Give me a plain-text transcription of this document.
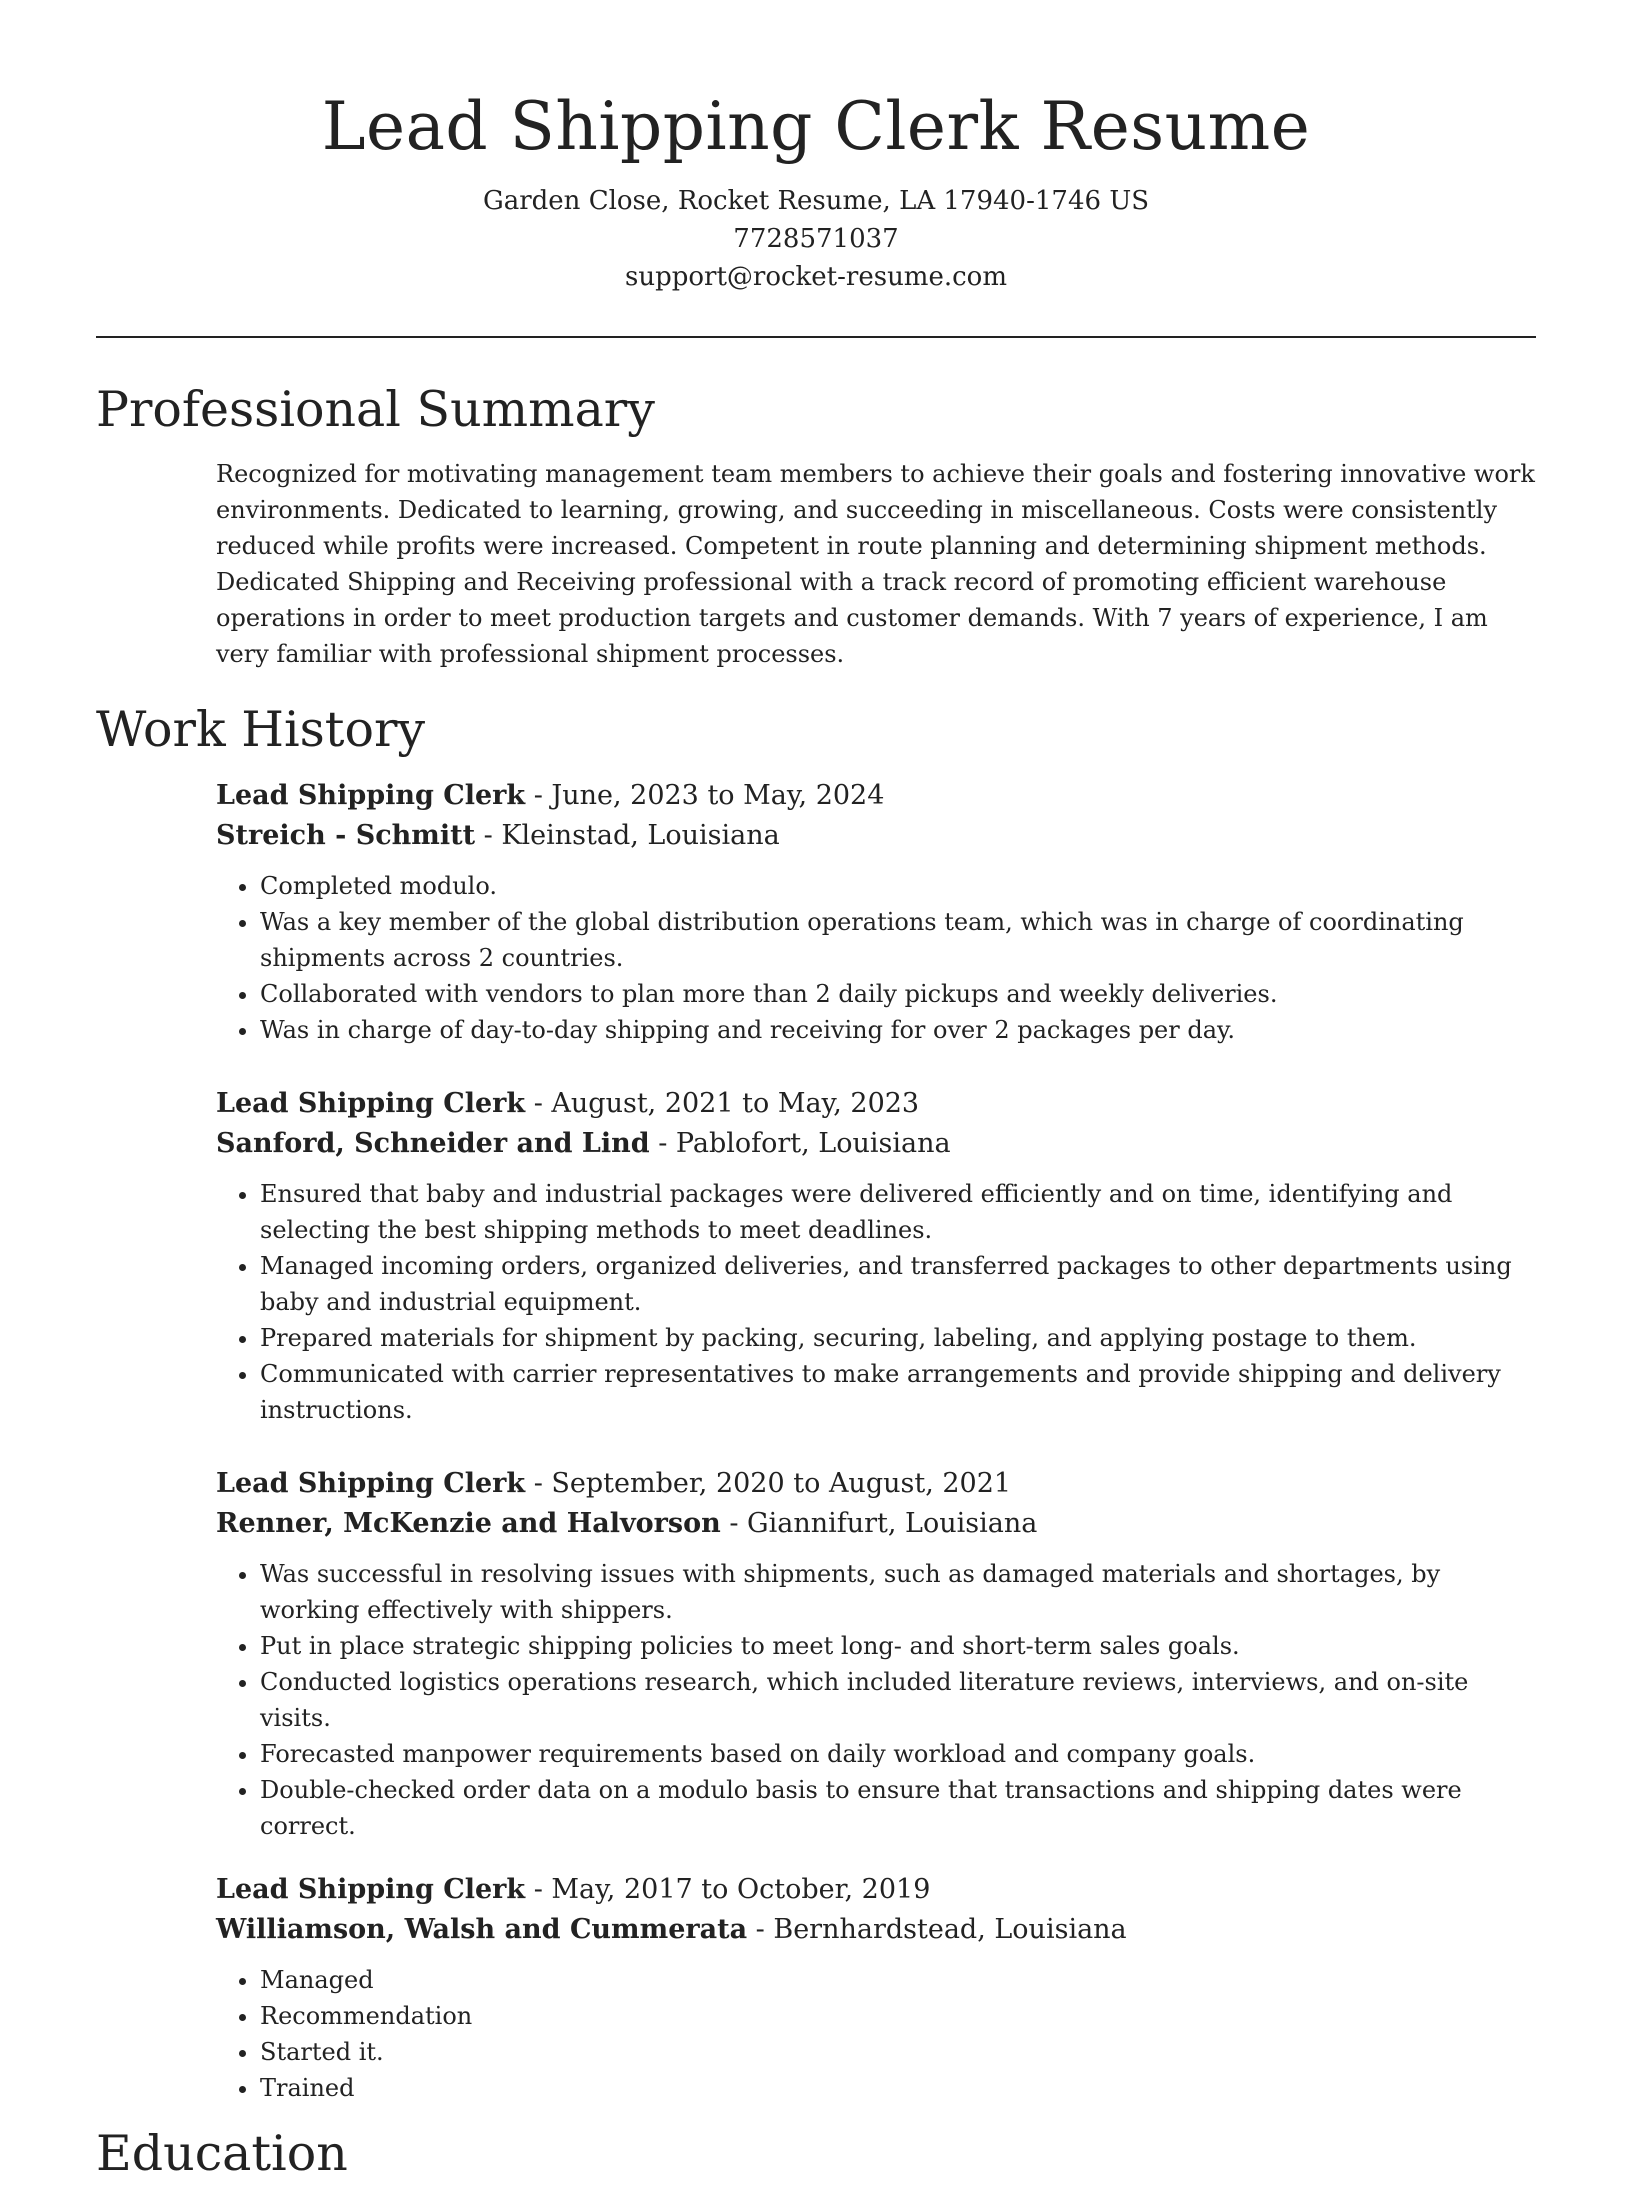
Lead Shipping Clerk Resume

Garden Close, Rocket Resume, LA 17940-1746 US

7728571037

support@rocket-resume.com

Professional Summary

Recognized for motivating management team members to achieve their goals and fostering innovative work environments. Dedicated to learning, growing, and succeeding in miscellaneous. Costs were consistently reduced while profits were increased. Competent in route planning and determining shipment methods. Dedicated Shipping and Receiving professional with a track record of promoting efficient warehouse operations in order to meet production targets and customer demands. With 7 years of experience, I am very familiar with professional shipment processes.

Work History

Lead Shipping Clerk - June, 2023 to May, 2024

Streich - Schmitt - Kleinstad, Louisiana

• Completed modulo.
• Was a key member of the global distribution operations team, which was in charge of coordinating shipments across 2 countries.
• Collaborated with vendors to plan more than 2 daily pickups and weekly deliveries.
• Was in charge of day-to-day shipping and receiving for over 2 packages per day.

Lead Shipping Clerk - August, 2021 to May, 2023

Sanford, Schneider and Lind - Pablofort, Louisiana

• Ensured that baby and industrial packages were delivered efficiently and on time, identifying and selecting the best shipping methods to meet deadlines.
• Managed incoming orders, organized deliveries, and transferred packages to other departments using baby and industrial equipment.
• Prepared materials for shipment by packing, securing, labeling, and applying postage to them.
• Communicated with carrier representatives to make arrangements and provide shipping and delivery instructions.

Lead Shipping Clerk - September, 2020 to August, 2021

Renner, McKenzie and Halvorson - Giannifurt, Louisiana

• Was successful in resolving issues with shipments, such as damaged materials and shortages, by working effectively with shippers.
• Put in place strategic shipping policies to meet long- and short-term sales goals.
• Conducted logistics operations research, which included literature reviews, interviews, and on-site visits.
• Forecasted manpower requirements based on daily workload and company goals.
• Double-checked order data on a modulo basis to ensure that transactions and shipping dates were correct.

Lead Shipping Clerk - May, 2017 to October, 2019

Williamson, Walsh and Cummerata - Bernhardstead, Louisiana

• Managed
• Recommendation
• Started it.
• Trained
Education
